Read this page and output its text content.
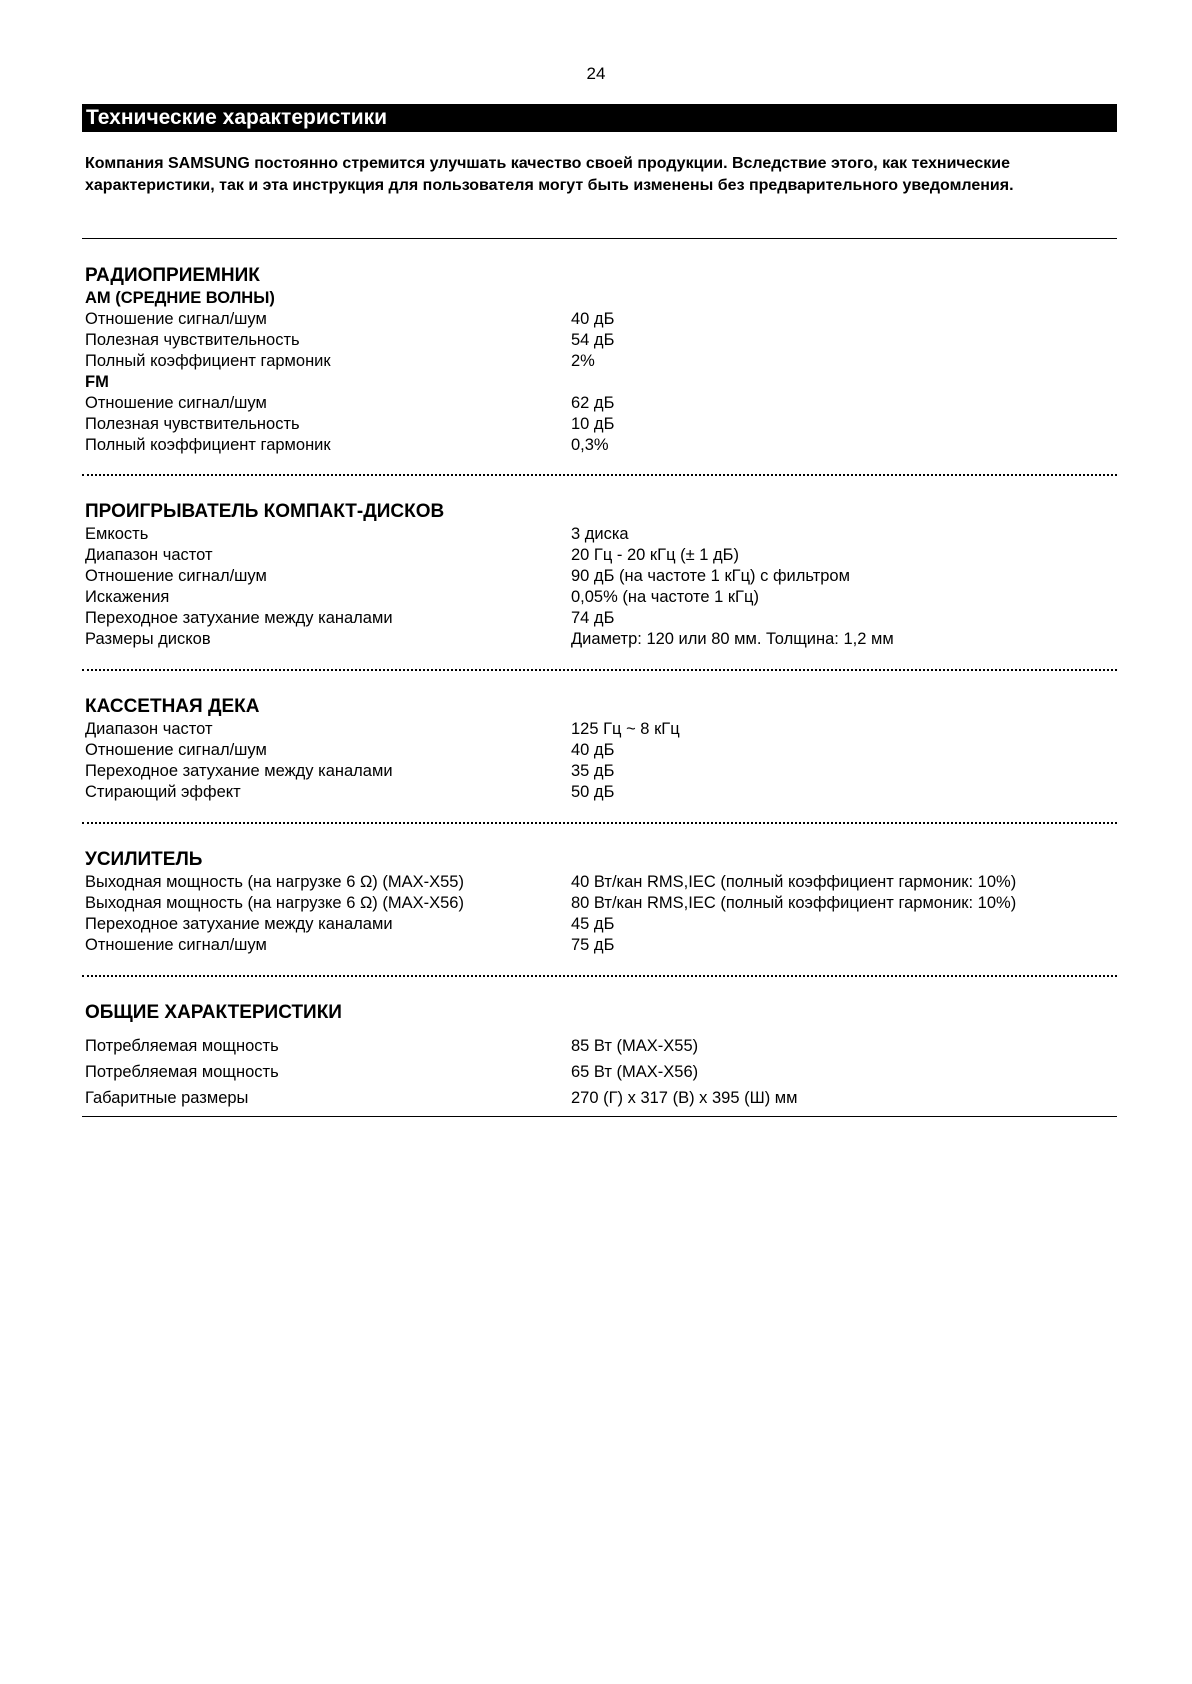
24
Технические характеристики
Компания SAMSUNG постоянно стремится улучшать качество своей продукции. Вследствие этого, как технические характеристики, так и эта инструкция для пользователя могут быть изменены без предварительного уведомления.
РАДИОПРИЕМНИК
AM (СРЕДНИЕ ВОЛНЫ)
Отношение сигнал/шум	40 дБ
Полезная чувствительность	54 дБ
Полный коэффициент гармоник	2%
FM
Отношение сигнал/шум	62 дБ
Полезная чувствительность	10 дБ
Полный коэффициент гармоник	0,3%
ПРОИГРЫВАТЕЛЬ КОМПАКТ-ДИСКОВ
Емкость	3 диска
Диапазон частот	20 Гц - 20 кГц (± 1 дБ)
Отношение сигнал/шум	90 дБ (на частоте 1 кГц) с фильтром
Искажения	0,05% (на частоте 1 кГц)
Переходное затухание между каналами	74 дБ
Размеры дисков	Диаметр: 120 или 80 мм. Толщина: 1,2 мм
КАССЕТНАЯ ДЕКА
Диапазон частот	125 Гц ~ 8 кГц
Отношение сигнал/шум	40 дБ
Переходное затухание между каналами	35 дБ
Стирающий эффект	50 дБ
УСИЛИТЕЛЬ
Выходная мощность (на нагрузке 6 Ω) (MAX-X55)	40 Вт/кан RMS,IEC (полный коэффициент гармоник: 10%)
Выходная мощность (на нагрузке 6 Ω) (MAX-X56)	80 Вт/кан RMS,IEC (полный коэффициент гармоник: 10%)
Переходное затухание между каналами	45 дБ
Отношение сигнал/шум	75 дБ
ОБЩИЕ ХАРАКТЕРИСТИКИ
Потребляемая мощность	85 Вт (MAX-X55)
Потребляемая мощность	65 Вт (MAX-X56)
Габаритные размеры	270 (Г) x 317 (В) x 395 (Ш) мм
